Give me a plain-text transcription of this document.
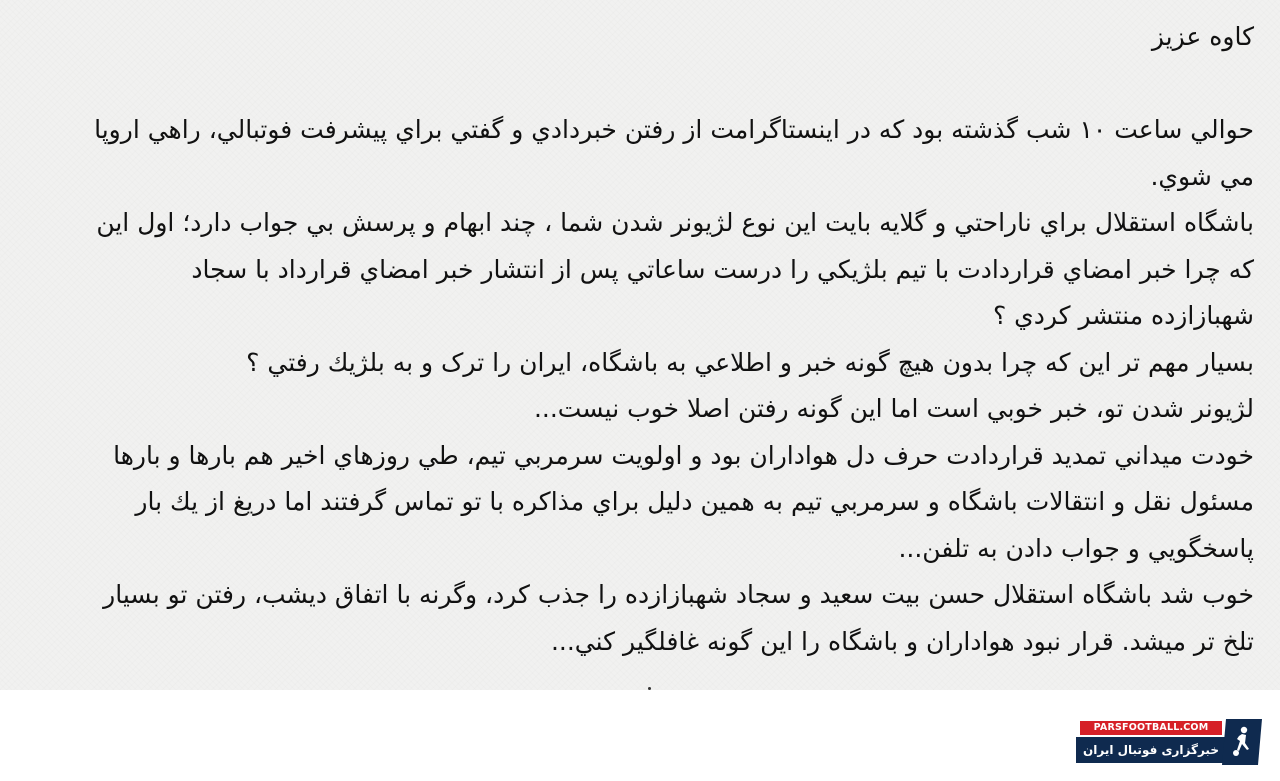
کاوه عزیز
حوالي ساعت ۱۰ شب گذشته بود که در اینستاگرامت از رفتن خبردادي و گفتي براي پیشرفت فوتبالي، راهي اروپا
مي شوي.
باشگاه استقلال براي ناراحتي و گلایه بایت این نوع لژیونر شدن شما ، چند ابهام و پرسش بي جواب دارد؛ اول این
که چرا خبر امضاي قراردادت با تیم بلژیکي را درست ساعاتي پس از انتشار خبر امضاي قرارداد با سجاد
شهبازازده منتشر کردي ؟
بسیار مهم تر این که چرا بدون هیچ گونه خبر و اطلاعي به باشگاه، ایران را ترک و به بلژیك رفتي ؟
لژیونر شدن تو، خبر خوبي است اما این گونه رفتن اصلا خوب نیست...
خودت میداني تمدید قراردادت حرف دل هواداران بود و اولویت سرمربي تیم، طي روزهاي اخیر هم بارها و بارها
مسئول نقل و انتقالات باشگاه و سرمربي تیم به همین دلیل براي مذاکره با تو تماس گرفتند اما دریغ از یك بار
پاسخگویي و جواب دادن به تلفن...
خوب شد باشگاه استقلال حسن بیت سعید و سجاد شهبازازده را جذب کرد، وگرنه با اتفاق دیشب، رفتن تو بسیار
تلخ تر میشد. قرار نبود هواداران و باشگاه را این گونه غافلگیر کني...
PARSFOOTBALL.COM
خبرگزاری فوتبال ایران
